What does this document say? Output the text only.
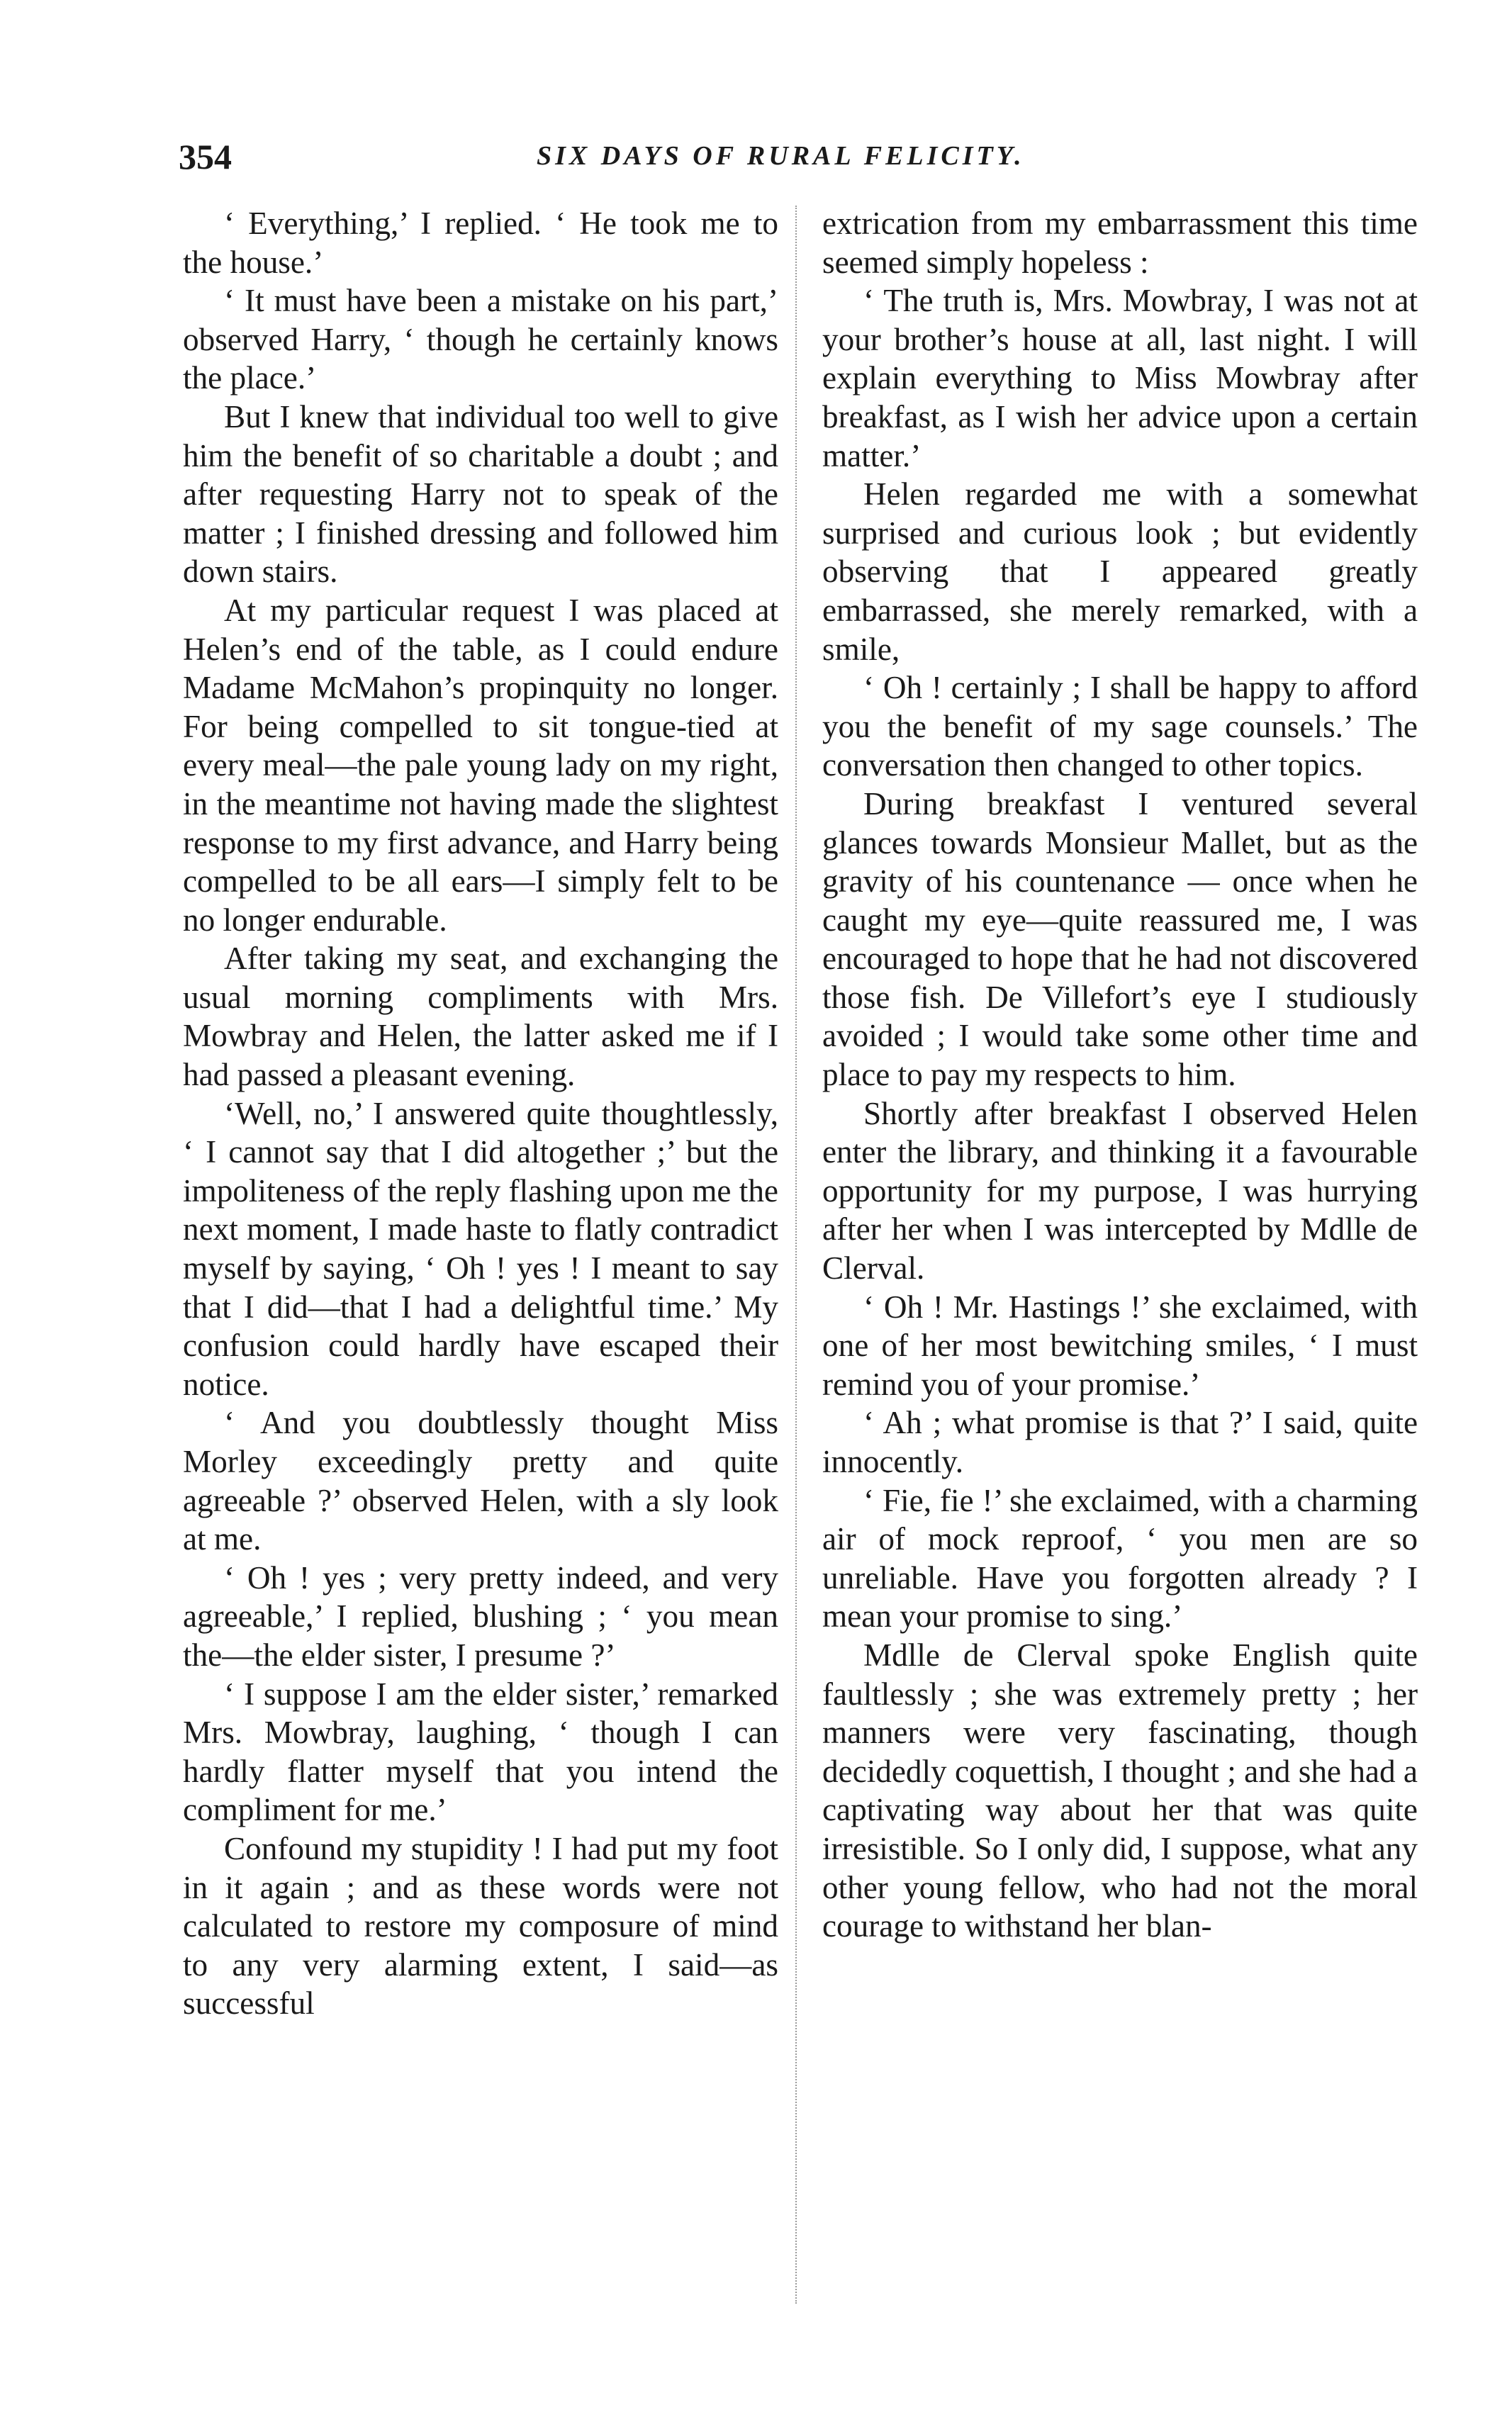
354	SIX DAYS OF RURAL FELICITY.

‘ Everything,’ I replied. ‘ He took me to the house.’

‘ It must have been a mistake on his part,’ observed Harry, ‘ though he certainly knows the place.’

But I knew that individual too well to give him the benefit of so charitable a doubt ; and after requesting Harry not to speak of the matter ; I finished dressing and followed him down stairs.

At my particular request I was placed at Helen’s end of the table, as I could endure Madame McMahon’s propinquity no longer. For being compelled to sit tongue-tied at every meal—the pale young lady on my right, in the meantime not having made the slightest response to my first advance, and Harry being compelled to be all ears—I simply felt to be no longer endurable.

After taking my seat, and exchanging the usual morning compliments with Mrs. Mowbray and Helen, the latter asked me if I had passed a pleasant evening.

‘Well, no,’ I answered quite thoughtlessly, ‘ I cannot say that I did altogether ;’ but the impoliteness of the reply flashing upon me the next moment, I made haste to flatly contradict myself by saying, ‘ Oh ! yes ! I meant to say that I did—that I had a delightful time.’ My confusion could hardly have escaped their notice.

‘ And you doubtlessly thought Miss Morley exceedingly pretty and quite agreeable ?’ observed Helen, with a sly look at me.

‘ Oh ! yes ; very pretty indeed, and very agreeable,’ I replied, blushing ; ‘ you mean the—the elder sister, I presume ?’

‘ I suppose I am the elder sister,’ remarked Mrs. Mowbray, laughing, ‘ though I can hardly flatter myself that you intend the compliment for me.’

Confound my stupidity ! I had put my foot in it again ; and as these words were not calculated to restore my composure of mind to any very alarming extent, I said—as successful

extrication from my embarrassment this time seemed simply hopeless :

‘ The truth is, Mrs. Mowbray, I was not at your brother’s house at all, last night. I will explain everything to Miss Mowbray after breakfast, as I wish her advice upon a certain matter.’

Helen regarded me with a somewhat surprised and curious look ; but evidently observing that I appeared greatly embarrassed, she merely remarked, with a smile,

‘ Oh ! certainly ; I shall be happy to afford you the benefit of my sage counsels.’ The conversation then changed to other topics.

During breakfast I ventured several glances towards Monsieur Mallet, but as the gravity of his countenance — once when he caught my eye—quite reassured me, I was encouraged to hope that he had not discovered those fish. De Villefort’s eye I studiously avoided ; I would take some other time and place to pay my respects to him.

Shortly after breakfast I observed Helen enter the library, and thinking it a favourable opportunity for my purpose, I was hurrying after her when I was intercepted by Mdlle de Clerval.

‘ Oh ! Mr. Hastings !’ she exclaimed, with one of her most bewitching smiles, ‘ I must remind you of your promise.’

‘ Ah ; what promise is that ?’ I said, quite innocently.

‘ Fie, fie !’ she exclaimed, with a charming air of mock reproof, ‘ you men are so unreliable. Have you forgotten already ? I mean your promise to sing.’

Mdlle de Clerval spoke English quite faultlessly ; she was extremely pretty ; her manners were very fascinating, though decidedly coquettish, I thought ; and she had a captivating way about her that was quite irresistible. So I only did, I suppose, what any other young fellow, who had not the moral courage to withstand her blan-
